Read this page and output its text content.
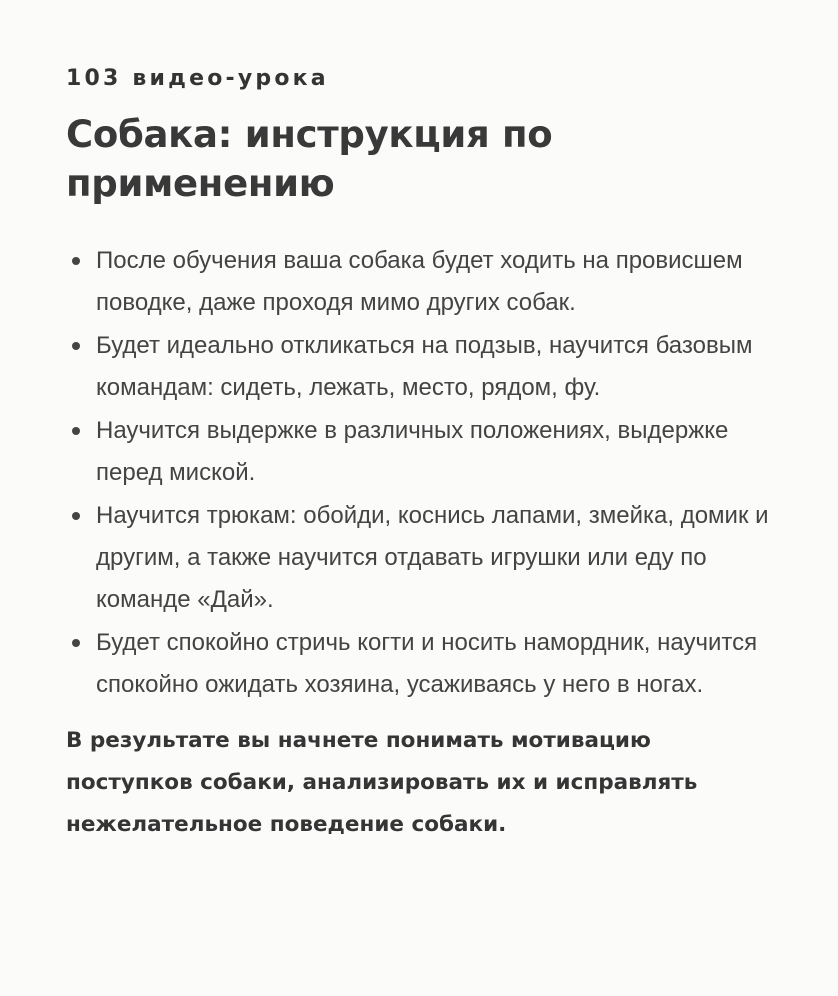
103 видео-урока

Собака: инструкция по применению
После обучения ваша собака будет ходить на провисшем поводке, даже проходя мимо других собак.
Будет идеально откликаться на подзыв, научится базовым командам: сидеть, лежать, место, рядом, фу.
Научится выдержке в различных положениях, выдержке перед миской.
Научится трюкам: обойди, коснись лапами, змейка, домик и другим, а также научится отдавать игрушки или еду по команде «Дай».
Будет спокойно стричь когти и носить намордник, научится спокойно ожидать хозяина, усаживаясь у него в ногах.

В результате вы начнете понимать мотивацию поступков собаки, анализировать их и исправлять нежелательное поведение собаки.
